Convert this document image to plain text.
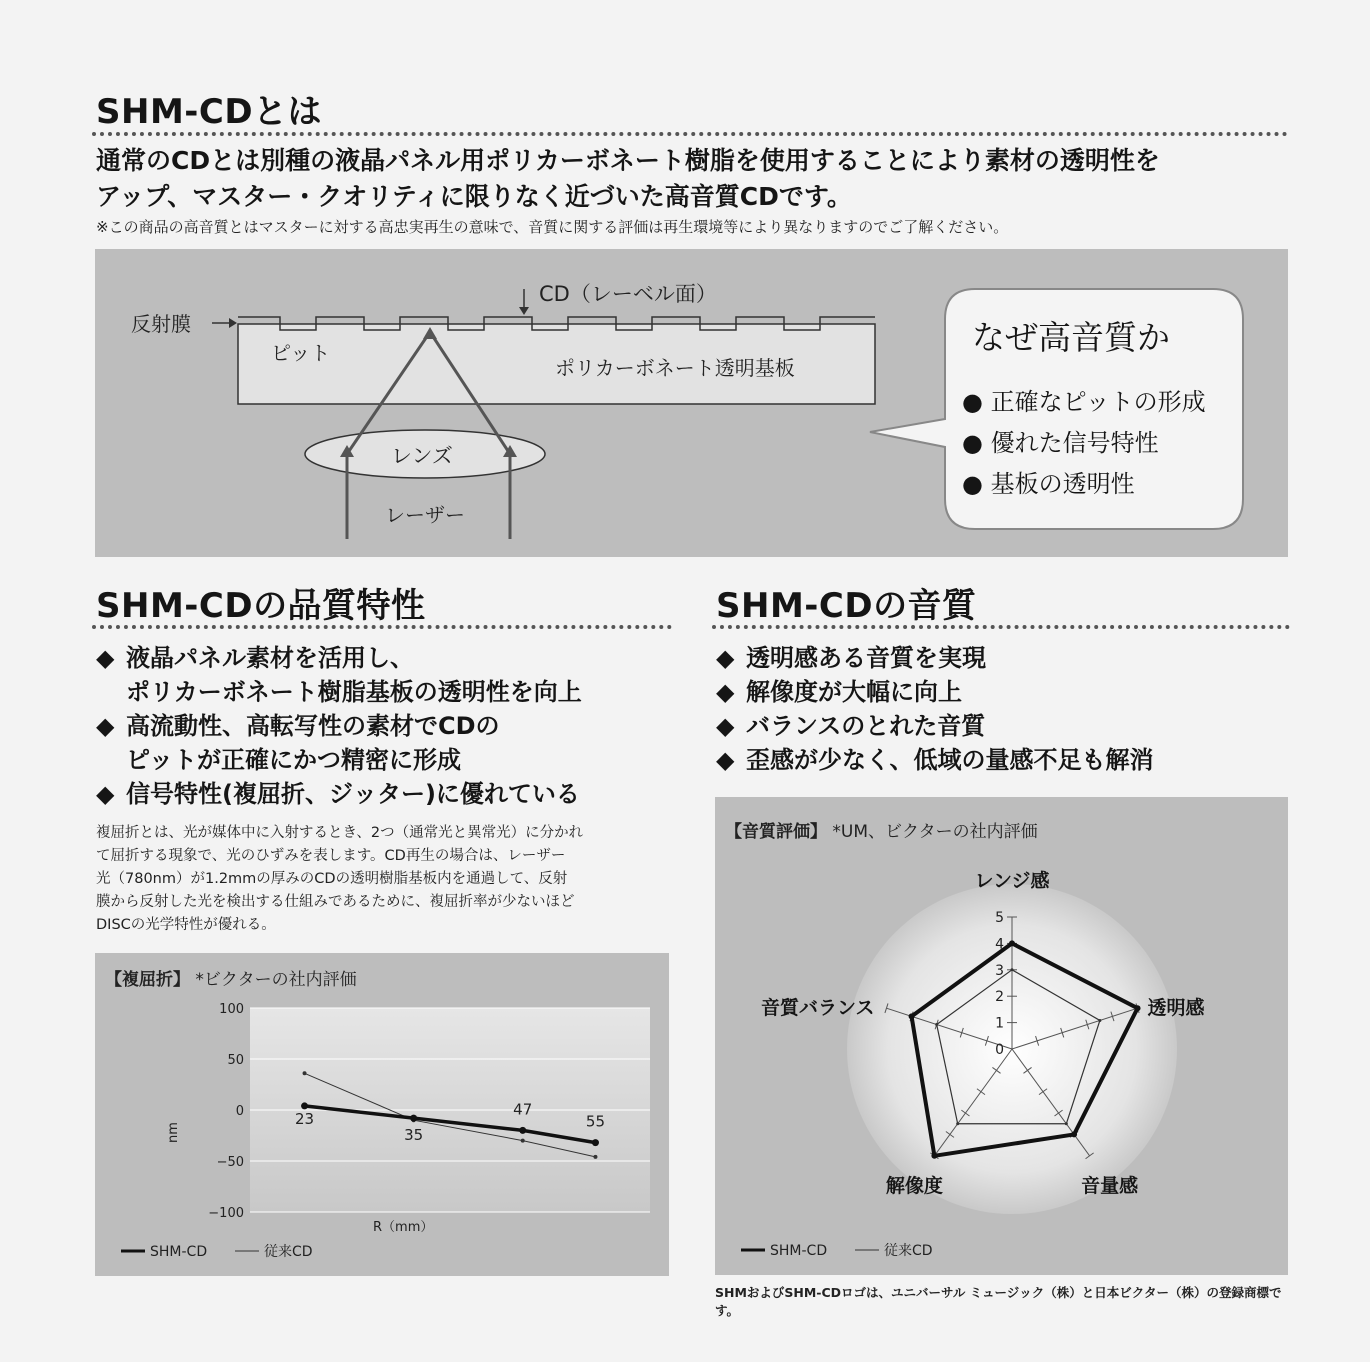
SHM-CDとは
通常のCDとは別種の液晶パネル用ポリカーボネート樹脂を使用することにより素材の透明性を
アップ、マスター・クオリティに限りなく近づいた高音質CDです。
※この商品の高音質とはマスターに対する高忠実再生の意味で、音質に関する評価は再生環境等により異なりますのでご了解ください。
CD（レーベル面）
反射膜
ピット
ポリカーボネート透明基板
レンズ
レーザー
なぜ高音質か
● 正確なピットの形成
● 優れた信号特性
● 基板の透明性
SHM-CDの品質特性
◆ 液晶パネル素材を活用し、
ポリカーボネート樹脂基板の透明性を向上
◆ 高流動性、高転写性の素材でCDの
ピットが正確にかつ精密に形成
◆ 信号特性(複屈折、ジッター)に優れている
複屈折とは、光が媒体中に入射するとき、2つ（通常光と異常光）に分かれ
て屈折する現象で、光のひずみを表します。CD再生の場合は、レーザー
光（780nm）が1.2mmの厚みのCDの透明樹脂基板内を通過して、反射
膜から反射した光を検出する仕組みであるために、複屈折率が少ないほど
DISCの光学特性が優れる。
【複屈折】 *ビクターの社内評価
100
50
0
−50
−100
nm
23
35
47
55
R（mm）
SHM-CD	従来CD
SHM-CDの音質
◆ 透明感ある音質を実現
◆ 解像度が大幅に向上
◆ バランスのとれた音質
◆ 歪感が少なく、低域の量感不足も解消
【音質評価】 *UM、ビクターの社内評価
0
1
2
3
4
5
レンジ感
透明感
音量感
解像度
音質バランス
SHM-CD	従来CD
SHMおよびSHM-CDロゴは、ユニバーサル ミュージック（株）と日本ビクター（株）の登録商標です。
